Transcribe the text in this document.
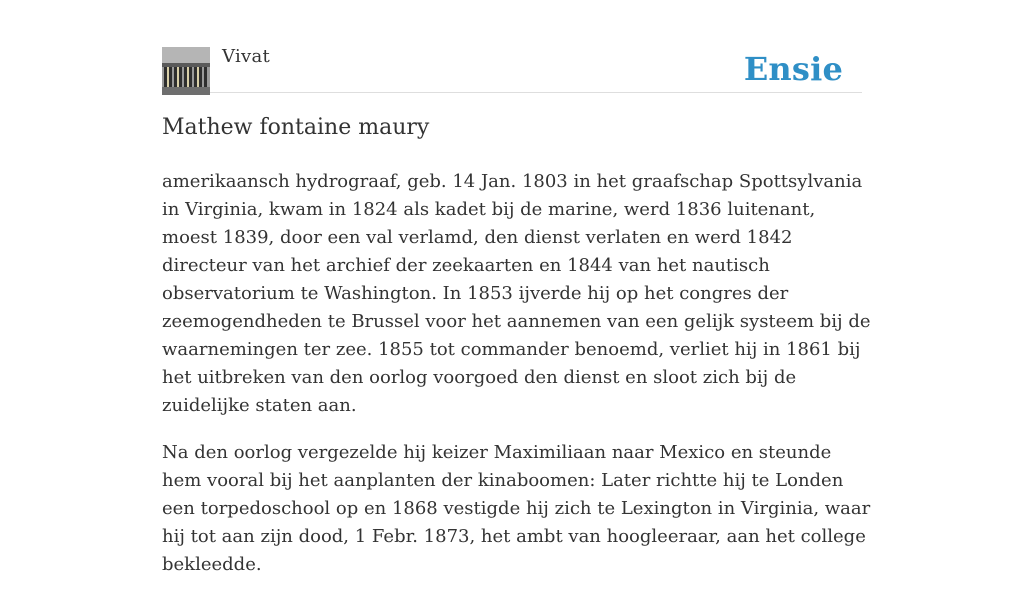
Vivat	Ensie
Mathew fontaine maury

amerikaansch hydrograaf, geb. 14 Jan. 1803 in het graafschap Spottsylvania in Virginia, kwam in 1824 als kadet bij de marine, werd 1836 luitenant, moest 1839, door een val verlamd, den dienst verlaten en werd 1842 directeur van het archief der zeekaarten en 1844 van het nautisch observatorium te Washington. In 1853 ijverde hij op het congres der zeemogendheden te Brussel voor het aannemen van een gelijk systeem bij de waarnemingen ter zee. 1855 tot commander benoemd, verliet hij in 1861 bij het uitbreken van den oorlog voorgoed den dienst en sloot zich bij de zuidelijke staten aan.

Na den oorlog vergezelde hij keizer Maximiliaan naar Mexico en steunde hem vooral bij het aanplanten der kinaboomen: Later richtte hij te Londen een torpedoschool op en 1868 vestigde hij zich te Lexington in Virginia, waar hij tot aan zijn dood, 1 Febr. 1873, het ambt van hoogleeraar, aan het college bekleedde.
